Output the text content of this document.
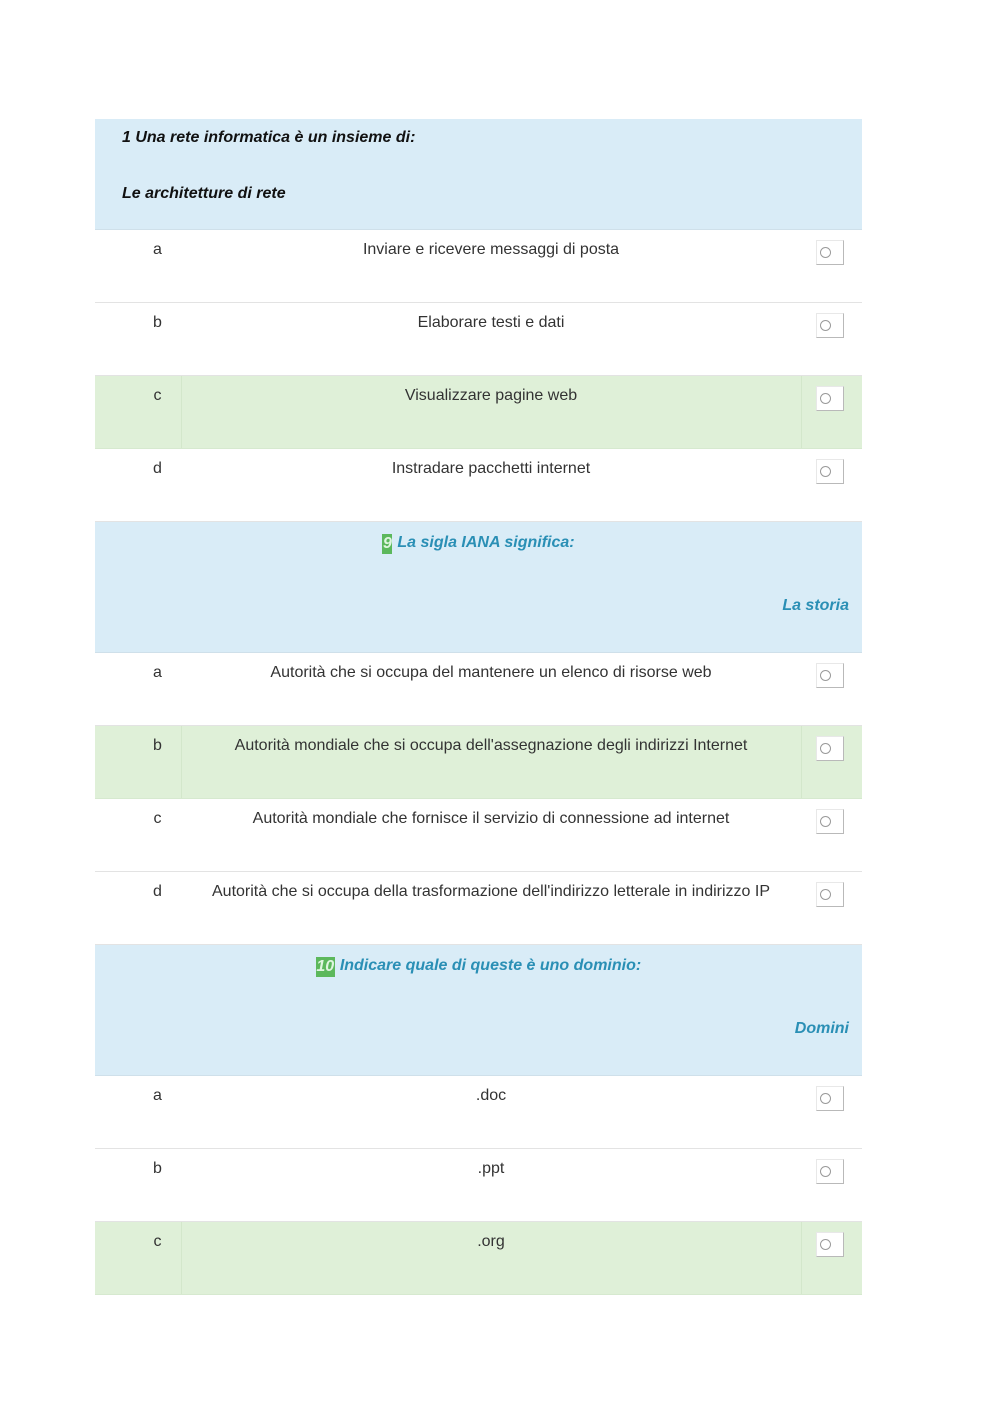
1 Una rete informatica è un insieme di:
Le architetture di rete
a	Inviare e ricevere messaggi di posta
b	Elaborare testi e dati
c	Visualizzare pagine web
d	Instradare pacchetti internet
9 La sigla IANA significa:
La storia
a	Autorità che si occupa del mantenere un elenco di risorse web
b	Autorità mondiale che si occupa dell'assegnazione degli indirizzi Internet
c	Autorità mondiale che fornisce il servizio di connessione ad internet
d	Autorità che si occupa della trasformazione dell'indirizzo letterale in indirizzo IP
10 Indicare quale di queste è uno dominio:
Domini
a	.doc
b	.ppt
c	.org
